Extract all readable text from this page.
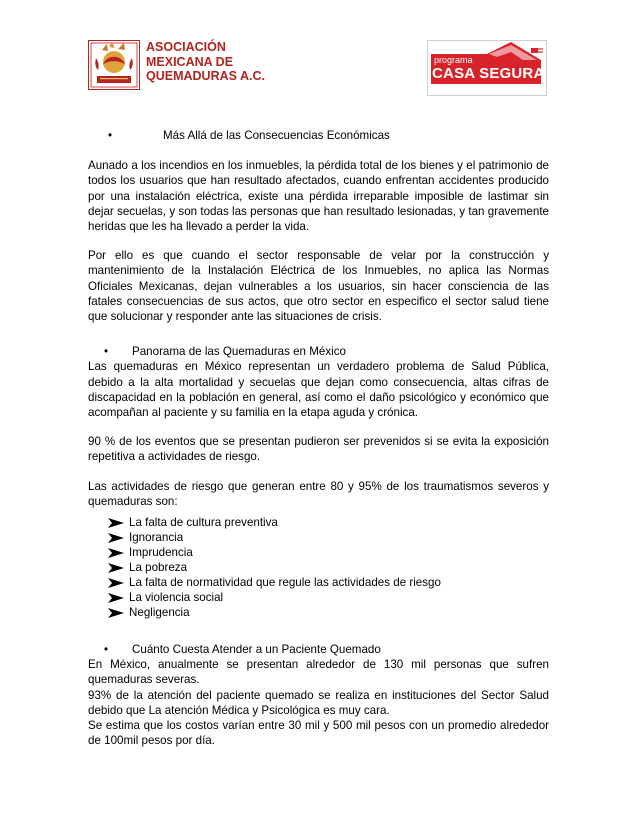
ASOCIACIÓN
MEXICANA DE
QUEMADURAS A.C.
programa
CASA SEGURA
•	Más Allá de las Consecuencias Económicas

Aunado a los incendios en los inmuebles, la pérdida total de los bienes y el patrimonio de todos los usuarios que han resultado afectados, cuando enfrentan accidentes producido por una instalación eléctrica, existe una pérdida irreparable imposible de lastimar sin dejar secuelas, y son todas las personas que han resultado lesionadas, y tan gravemente heridas que les ha llevado a perder la vida.

Por ello es que cuando el sector responsable de velar por la construcción y mantenimiento de la Instalación Eléctrica de los Inmuebles, no aplica las Normas Oficiales Mexicanas, dejan vulnerables a los usuarios, sin hacer consciencia de las fatales consecuencias de sus actos, que otro sector en especifico el sector salud tiene que solucionar y responder ante las situaciones de crisis.

•	Panorama de las Quemaduras en México

Las quemaduras en México representan un verdadero problema de Salud Pública, debido a la alta mortalidad y secuelas que dejan como consecuencia, altas cifras de discapacidad en la población en general, así como el daño psicológico y económico que acompañan al paciente y su familia en la etapa aguda y crónica.

90 % de los eventos que se presentan pudieron ser prevenidos si se evita la exposición repetitiva a actividades de riesgo.

Las actividades de riesgo que generan entre 80 y 95% de los traumatismos severos y quemaduras son:

La falta de cultura preventiva
Ignorancia
Imprudencia
La pobreza
La falta de normatividad que regule las actividades de riesgo
La violencia social
Negligencia
•	Cuánto Cuesta Atender a un Paciente Quemado

En México, anualmente se presentan alrededor de 130 mil personas que sufren quemaduras severas.

93% de la atención del paciente quemado se realiza en instituciones del Sector Salud debido que La atención Médica y Psicológica es muy cara.

Se estima que los costos varían entre 30 mil y 500 mil pesos con un promedio alrededor de 100mil pesos por día.
